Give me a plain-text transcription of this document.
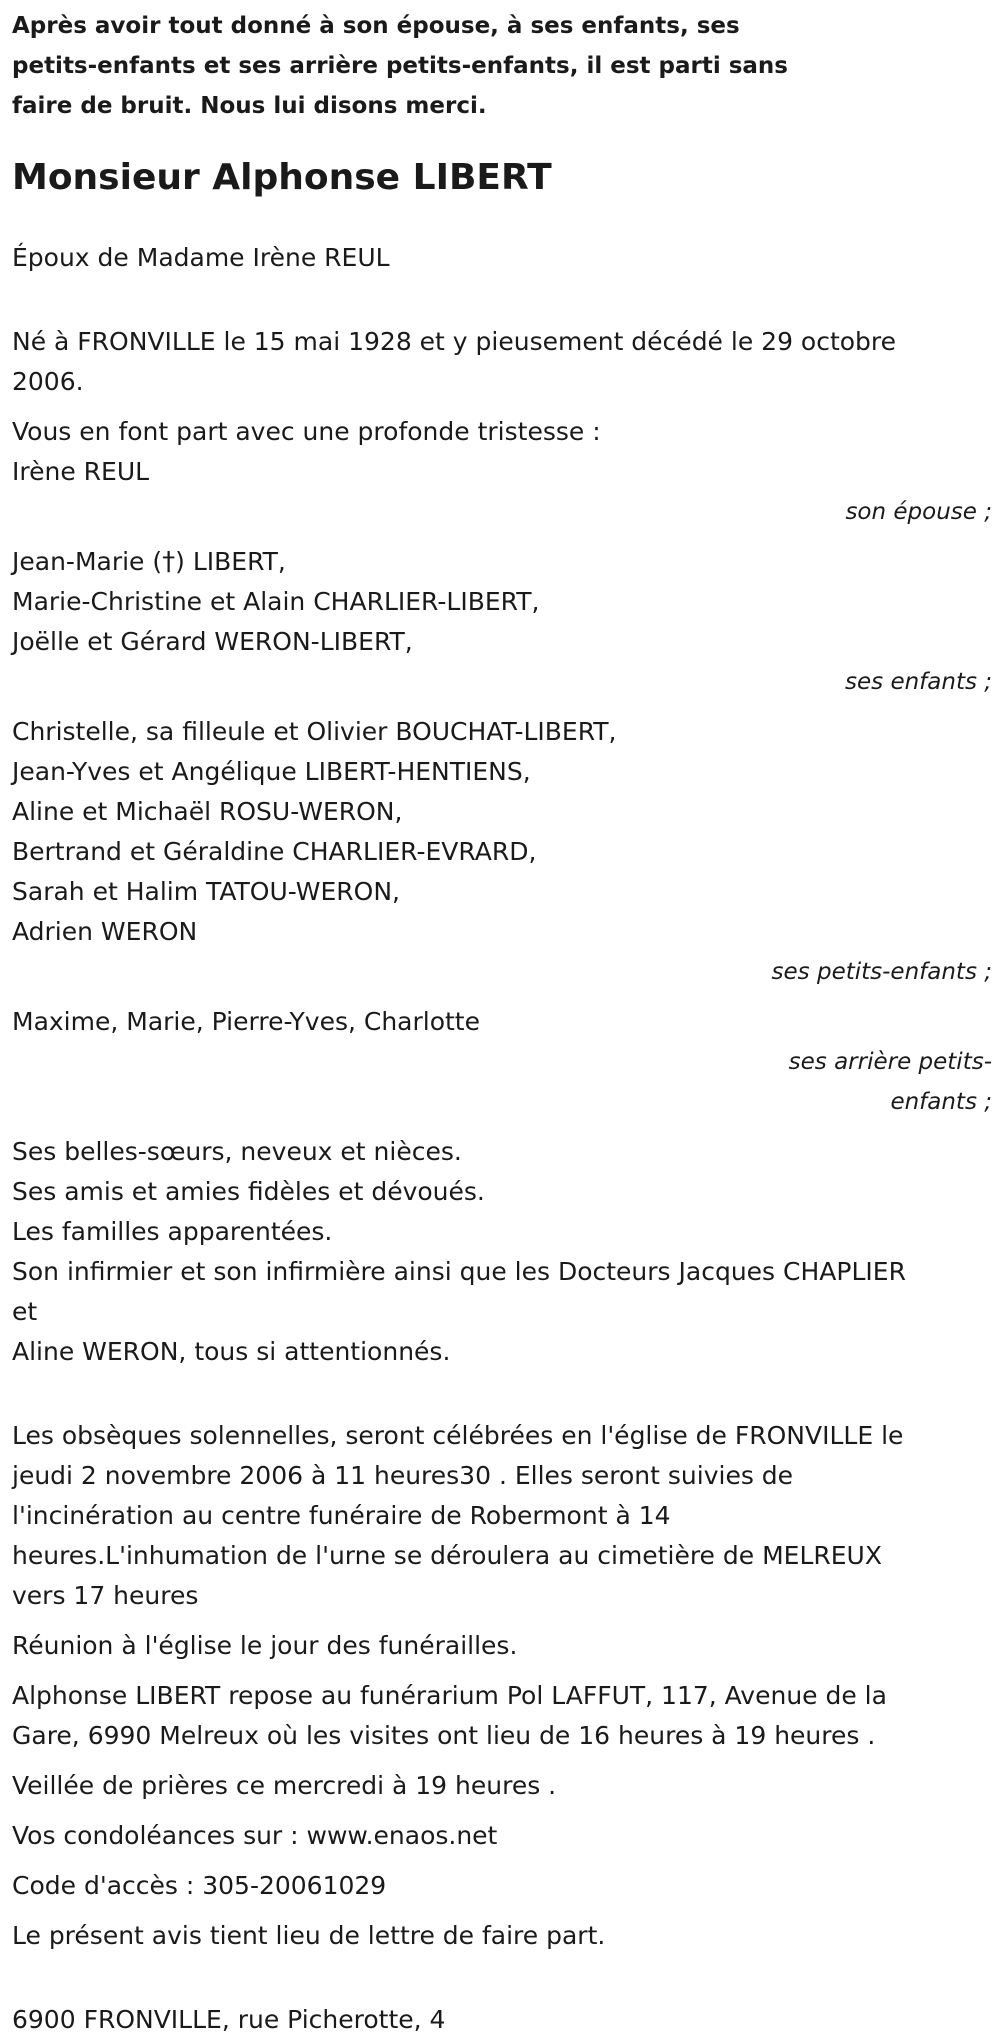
Après avoir tout donné à son épouse, à ses enfants, ses
petits-enfants et ses arrière petits-enfants, il est parti sans
faire de bruit. Nous lui disons merci.

Monsieur Alphonse LIBERT

Époux de Madame Irène REUL

Né à FRONVILLE le 15 mai 1928 et y pieusement décédé le 29 octobre
2006.

Vous en font part avec une profonde tristesse :

Irène REUL

son épouse ;

Jean-Marie (†) LIBERT,

Marie-Christine et Alain CHARLIER-LIBERT,

Joëlle et Gérard WERON-LIBERT,

ses enfants ;

Christelle, sa filleule et Olivier BOUCHAT-LIBERT,

Jean-Yves et Angélique LIBERT-HENTIENS,

Aline et Michaël ROSU-WERON,

Bertrand et Géraldine CHARLIER-EVRARD,

Sarah et Halim TATOU-WERON,

Adrien WERON

ses petits-enfants ;

Maxime, Marie, Pierre-Yves, Charlotte

ses arrière petits-
enfants ;

Ses belles-sœurs, neveux et nièces.
Ses amis et amies fidèles et dévoués.
Les familles apparentées.
Son infirmier et son infirmière ainsi que les Docteurs Jacques CHAPLIER
et
Aline WERON, tous si attentionnés.

Les obsèques solennelles, seront célébrées en l'église de FRONVILLE le
jeudi 2 novembre 2006 à 11 heures30 . Elles seront suivies de
l'incinération au centre funéraire de Robermont à 14
heures.L'inhumation de l'urne se déroulera au cimetière de MELREUX
vers 17 heures

Réunion à l'église le jour des funérailles.

Alphonse LIBERT repose au funérarium Pol LAFFUT, 117, Avenue de la
Gare, 6990 Melreux où les visites ont lieu de 16 heures à 19 heures .

Veillée de prières ce mercredi à 19 heures .

Vos condoléances sur : www.enaos.net

Code d'accès : 305-20061029

Le présent avis tient lieu de lettre de faire part.

6900 FRONVILLE, rue Picherotte, 4
